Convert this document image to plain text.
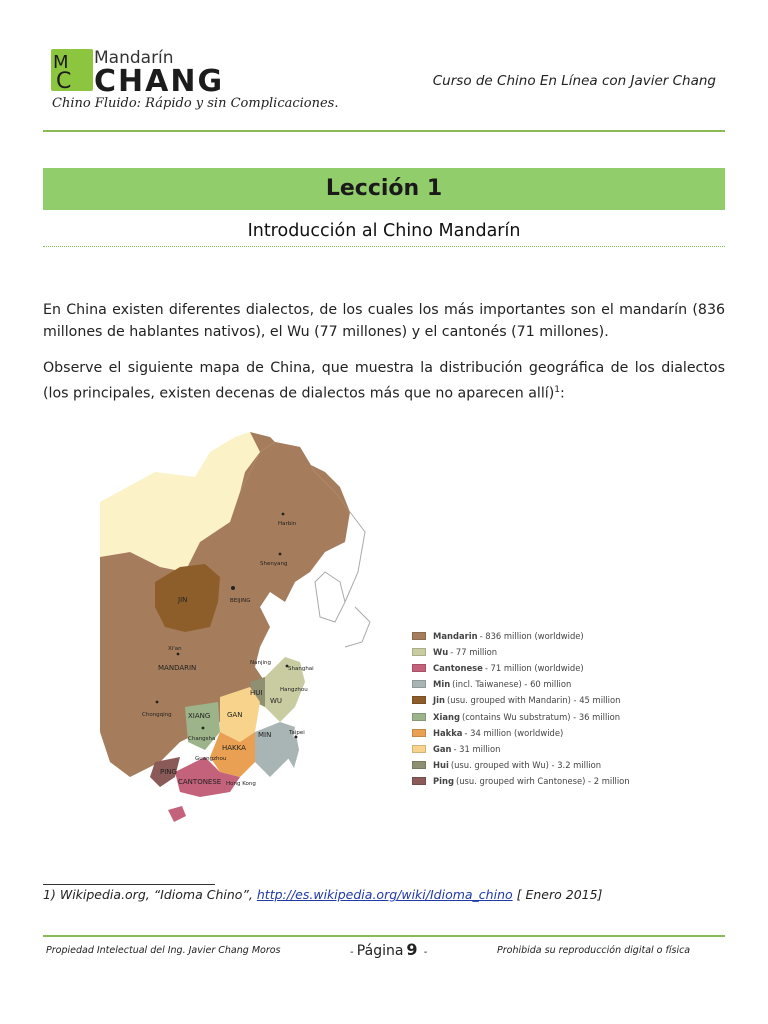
M
C
Mandarín
CHANG
Chino Fluido: Rápido y sin Complicaciones.
Curso de Chino En Línea con Javier Chang
Lección 1
Introducción al Chino Mandarín
En China existen diferentes dialectos, de los cuales los más importantes son el mandarín (836 millones de hablantes nativos), el Wu (77 millones) y el cantonés (71 millones).
Observe el siguiente mapa de China, que muestra la distribución geográfica de los dialectos (los principales, existen decenas de dialectos más que no aparecen allí)$^1$:
JIN
MANDARIN
XIANG GAN
HAKKA
MIN
PING
CANTONESE
HUI
WU
Harbin
Shenyang
BEIJING
Xi'an
Nanjing
Shanghai
Hangzhou
Chongqing
Changsha
Taipei
Guangzhou
Hong Kong
Mandarin - 836 million (worldwide)
Wu - 77 million
Cantonese - 71 million (worldwide)
Min (incl. Taiwanese) - 60 million
Jin (usu. grouped with Mandarin) - 45 million
Xiang (contains Wu substratum) - 36 million
Hakka - 34 million (worldwide)
Gan - 31 million
Hui (usu. grouped with Wu) - 3.2 million
Ping (usu. grouped wirh Cantonese) - 2 million
1) Wikipedia.org, “Idioma Chino”, http://es.wikipedia.org/wiki/Idioma_chino [ Enero 2015]
Propiedad Intelectual del Ing. Javier Chang Moros	- Página 9 -	Prohibida su reproducción digital o física
